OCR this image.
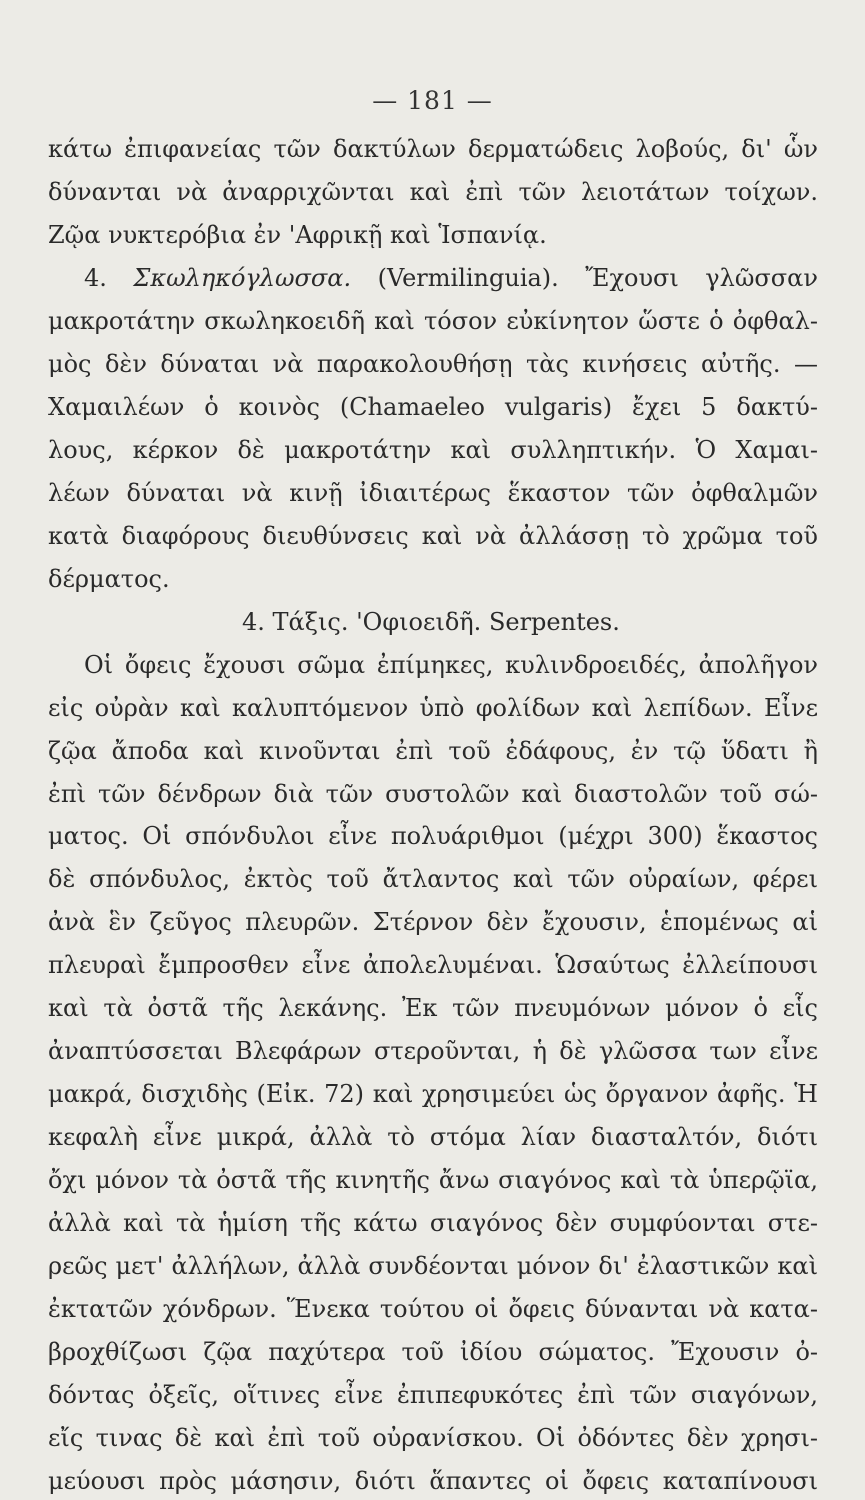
— 181 —
κάτω ἐπιφανείας τῶν δακτύλων δερματώδεις λοβούς, δι' ὧν
δύνανται νὰ ἀναρριχῶνται καὶ ἐπὶ τῶν λειοτάτων τοίχων.
Ζῷα νυκτερόβια ἐν 'Αφρικῇ καὶ Ἱσπανίᾳ.
4. Σκωληκόγλωσσα. (Vermilinguia). Ἔχουσι γλῶσσαν
μακροτάτην σκωληκοειδῆ καὶ τόσον εὐκίνητον ὥστε ὁ ὀφθαλ-
μὸς δὲν δύναται νὰ παρακολουθήσῃ τὰς κινήσεις αὐτῆς. —
Χαμαιλέων ὁ κοινὸς (Chamaeleo vulgaris) ἔχει 5 δακτύ-
λους, κέρκον δὲ μακροτάτην καὶ συλληπτικήν. Ὁ Χαμαι-
λέων δύναται νὰ κινῇ ἰδιαιτέρως ἕκαστον τῶν ὀφθαλμῶν
κατὰ διαφόρους διευθύνσεις καὶ νὰ ἀλλάσσῃ τὸ χρῶμα τοῦ
δέρματος.
4. Τάξις. 'Οφιοειδῆ. Serpentes.
Οἱ ὄφεις ἔχουσι σῶμα ἐπίμηκες, κυλινδροειδές, ἀπολῆγον
εἰς οὐρὰν καὶ καλυπτόμενον ὑπὸ φολίδων καὶ λεπίδων. Εἶνε
ζῷα ἄποδα καὶ κινοῦνται ἐπὶ τοῦ ἐδάφους, ἐν τῷ ὕδατι ἢ
ἐπὶ τῶν δένδρων διὰ τῶν συστολῶν καὶ διαστολῶν τοῦ σώ-
ματος. Οἱ σπόνδυλοι εἶνε πολυάριθμοι (μέχρι 300) ἕκαστος
δὲ σπόνδυλος, ἐκτὸς τοῦ ἄτλαντος καὶ τῶν οὐραίων, φέρει
ἀνὰ ἓν ζεῦγος πλευρῶν. Στέρνον δὲν ἔχουσιν, ἑπομένως αἱ
πλευραὶ ἔμπροσθεν εἶνε ἀπολελυμέναι. Ὡσαύτως ἐλλείπουσι
καὶ τὰ ὀστᾶ τῆς λεκάνης. Ἐκ τῶν πνευμόνων μόνον ὁ εἷς
ἀναπτύσσεται Βλεφάρων στεροῦνται, ἡ δὲ γλῶσσα των εἶνε
μακρά, δισχιδὴς (Εἰκ. 72) καὶ χρησιμεύει ὡς ὄργανον ἀφῆς. Ἡ
κεφαλὴ εἶνε μικρά, ἀλλὰ τὸ στόμα λίαν διασταλτόν, διότι
ὄχι μόνον τὰ ὀστᾶ τῆς κινητῆς ἄνω σιαγόνος καὶ τὰ ὑπερῷϊα,
ἀλλὰ καὶ τὰ ἡμίση τῆς κάτω σιαγόνος δὲν συμφύονται στε-
ρεῶς μετ' ἀλλήλων, ἀλλὰ συνδέονται μόνον δι' ἐλαστικῶν καὶ
ἐκτατῶν χόνδρων. Ἕνεκα τούτου οἱ ὄφεις δύνανται νὰ κατα-
βροχθίζωσι ζῷα παχύτερα τοῦ ἰδίου σώματος. Ἔχουσιν ὀ-
δόντας ὀξεῖς, οἵτινες εἶνε ἐπιπεφυκότες ἐπὶ τῶν σιαγόνων,
εἴς τινας δὲ καὶ ἐπὶ τοῦ οὐρανίσκου. Οἱ ὀδόντες δὲν χρησι-
μεύουσι πρὸς μάσησιν, διότι ἅπαντες οἱ ὄφεις καταπίνουσι
